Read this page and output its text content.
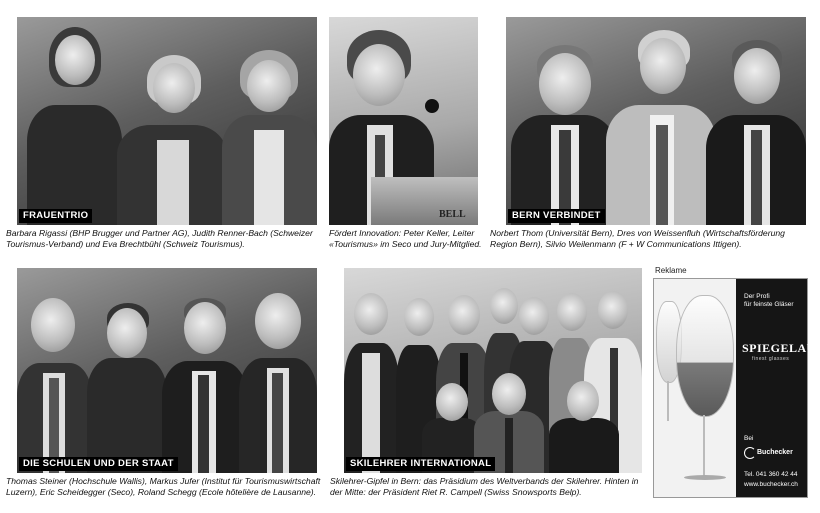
FRAUENTRIO
Barbara Rigassi (BHP Brugger und Partner AG), Judith Renner-Bach (Schweizer
Tourismus-Verband) und Eva Brechtbühl (Schweiz Tourismus).
BELL
Fördert Innovation: Peter Keller, Leiter
«Tourismus» im Seco und Jury-Mitglied.
BERN VERBINDET
Norbert Thom (Universität Bern), Dres von Weissenfluh (Wirtschaftsförderung
Region Bern), Silvio Weilenmann (F + W Communications Ittigen).
DIE SCHULEN UND DER STAAT
Thomas Steiner (Hochschule Wallis), Markus Jufer (Institut für Tourismuswirtschaft
Luzern), Eric Scheidegger (Seco), Roland Schegg (Ecole hôtelière de Lausanne).
SKILEHRER INTERNATIONAL
Skilehrer-Gipfel in Bern: das Präsidium des Weltverbands der Skilehrer. Hinten in
der Mitte: der Präsident Riet R. Campell (Swiss Snowsports Belp).
Reklame
Der Profi
für feinste Gläser
SPIEGELAU
finest glasses
Bei
Buchecker
Tel. 041 360 42 44
www.buchecker.ch
